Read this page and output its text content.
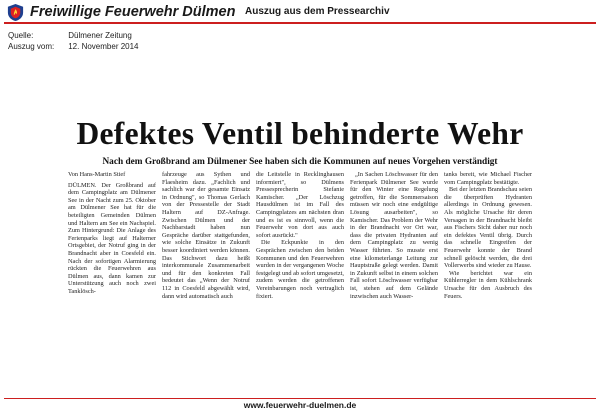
Freiwillige Feuerwehr Dülmen Auszug aus dem Pressearchiv
Quelle:	Dülmener Zeitung
Auszug vom: 12. November 2014
Defektes Ventil behinderte Wehr
Nach dem Großbrand am Dülmener See haben sich die Kommunen auf neues Vorgehen verständigt
Von Hans-Martin Stief

DÜLMEN. Der Großbrand auf dem Campingplatz am Dülmener See in der Nacht zum 25. Oktober am Dülmener See hat für die beteiligten Gemeinden Dülmen und Haltern am See ein Nachspiel. Zum Hintergrund: Die Anlage des Ferienparks liegt auf Halterner Ortsgebiet, der Notruf ging in der Brandnacht aber in Coesfeld ein. Nach der sofortigen Alarmierung rückten die Feuerwehren aus Dülmen aus, dann kamen zur Unterstützung auch noch zwei Tanklösch-

fahrzeuge aus Sythen und Flaesheim dazu. „Fachlich und sachlich war der gesamte Einsatz in Ordnung", so Thomas Gerlach von der Pressestelle der Stadt Haltern auf DZ-Anfrage. Zwischen Dülmen und der Nachbarstadt haben nun Gespräche darüber stattgefunden, wie solche Einsätze in Zukunft besser koordiniert werden können. Das Stichwort dazu heißt interkommunale Zusammenarbeit und für den konkreten Fall bedeutet das „Wenn der Notruf 112 in Coesfeld abgewählt wird, dann wird automatisch auch

die Leitstelle in Recklinghausen informiert", so Dülmens Pressesprecherin Stefanie Kamischer. „Der Löschzug Hausdülmen ist im Fall des Campingplatzes am nächsten dran und es ist es sinnvoll, wenn die Feuerwehr von dort aus auch sofort ausrückt."

Die Eckpunkte in den Gesprächen zwischen den beiden Kommunen und den Feuerwehren wurden in der vergangenen Woche festgelegt und ab sofort umgesetzt, zudem werden die getroffenen Vereinbarungen noch vertraglich fixiert.

„In Sachen Löschwasser für den Ferienpark Dülmener See wurde für den Winter eine Regelung getroffen, für die Sommersaison müssen wir noch eine endgültige Lösung ausarbeiten", so Kamischer. Das Problem der Wehr in der Brandnacht vor Ort war, dass die privaten Hydranten auf dem Campingplatz zu wenig Wasser führten. So musste erst eine kilometerlange Leitung zur Hauptstraße gelegt werden. Damit in Zukunft selbst in einem solchen Fall sofort Löschwasser verfügbar ist, stehen auf dem Gelände inzwischen auch Wasser-

tanks bereit, wie Michael Fischer vom Campingplatz bestätigte.

Bei der letzten Brandschau seien die überprüften Hydranten allerdings in Ordnung gewesen. Als mögliche Ursache für deren Versagen in der Brandnacht bleibt aus Fischers Sicht daher nur noch ein defektes Ventil übrig. Durch das schnelle Eingreifen der Feuerwehr konnte der Brand schnell gelöscht werden, die drei Vollerwerbs sind wieder zu Hause.

Wie berichtet war ein Kühlerregler in dem Kühlschrank Ursache für den Ausbruch des Feuers.

www.feuerwehr-duelmen.de
